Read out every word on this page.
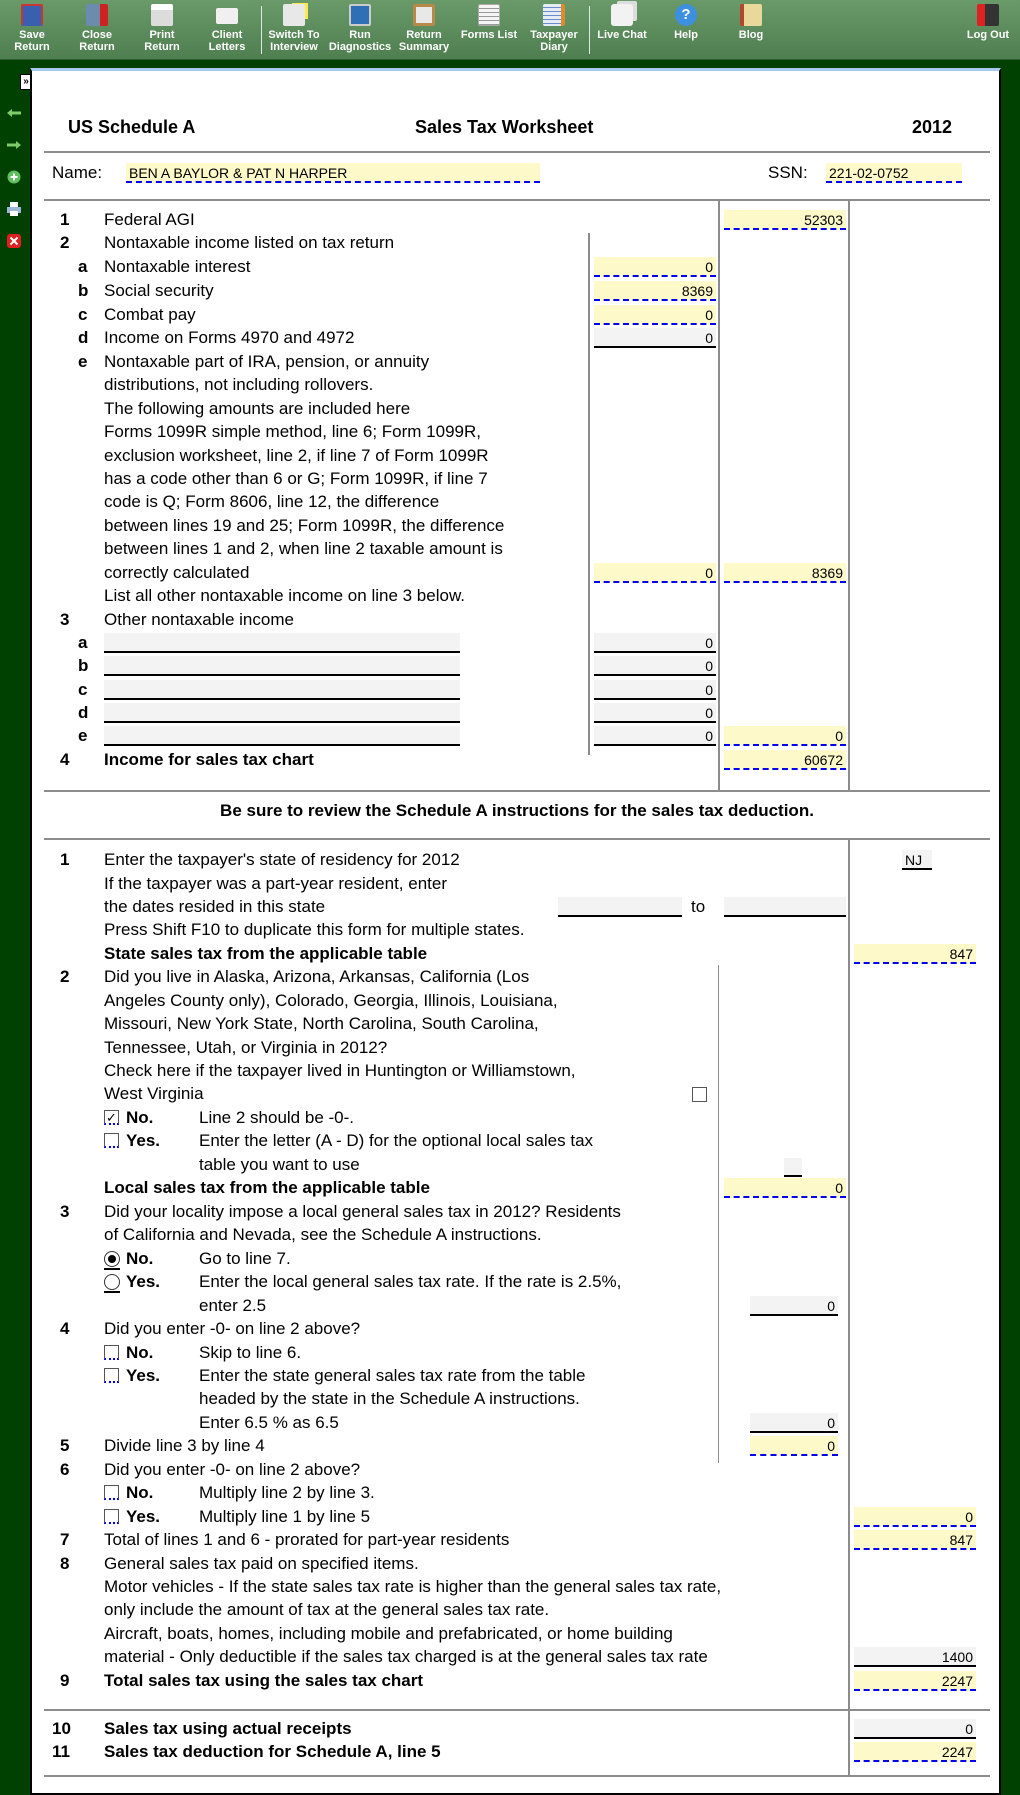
Save
Return
Close
Return
Print
Return
Client
Letters
Switch To
Interview
Run
Diagnostics
Return
Summary
Forms List	Taxpayer
Diary
Live Chat
?
Help	Blog	Log Out
»
US Schedule A	Sales Tax Worksheet	2012
Name: BEN A BAYLOR & PAT N HARPER	SSN: 221-02-0752
1 Federal AGI	52303
2 Nontaxable income listed on tax return
a Nontaxable interest	0
b Social security	8369
c Combat pay	0
d Income on Forms 4970 and 4972	0
e Nontaxable part of IRA, pension, or annuity
distributions, not including rollovers.
The following amounts are included here
Forms 1099R simple method, line 6; Form 1099R,
exclusion worksheet, line 2, if line 7 of Form 1099R
has a code other than 6 or G; Form 1099R, if line 7
code is Q; Form 8606, line 12, the difference
between lines 19 and 25; Form 1099R, the difference
between lines 1 and 2, when line 2 taxable amount is
correctly calculated	0	8369
List all other nontaxable income on line 3 below.
3 Other nontaxable income
a	0
b	0
c	0
d	0
e	0	0
4 Income for sales tax chart	60672
Be sure to review the Schedule A instructions for the sales tax deduction.
1 Enter the taxpayer's state of residency for 2012	NJ
If the taxpayer was a part-year resident, enter
the dates resided in this state	to
Press Shift F10 to duplicate this form for multiple states.
State sales tax from the applicable table	847
2 Did you live in Alaska, Arizona, Arkansas, California (Los
Angeles County only), Colorado, Georgia, Illinois, Louisiana,
Missouri, New York State, North Carolina, South Carolina,
Tennessee, Utah, or Virginia in 2012?
Check here if the taxpayer lived in Huntington or Williamstown,
West Virginia
✓ No.	Line 2 should be -0-.
Yes. Enter the letter (A - D) for the optional local sales tax
table you want to use
Local sales tax from the applicable table	0
3 Did your locality impose a local general sales tax in 2012? Residents
of California and Nevada, see the Schedule A instructions.
No.	Go to line 7.
Yes. Enter the local general sales tax rate. If the rate is 2.5%,
enter 2.5	0
4 Did you enter -0- on line 2 above?
No.	Skip to line 6.
Yes. Enter the state general sales tax rate from the table
headed by the state in the Schedule A instructions.
Enter 6.5 % as 6.5	0
5 Divide line 3 by line 4	0
6 Did you enter -0- on line 2 above?
No.	Multiply line 2 by line 3.
Yes. Multiply line 1 by line 5	0
7 Total of lines 1 and 6 - prorated for part-year residents	847
8 General sales tax paid on specified items.
Motor vehicles - If the state sales tax rate is higher than the general sales tax rate,
only include the amount of tax at the general sales tax rate.
Aircraft, boats, homes, including mobile and prefabricated, or home building
material - Only deductible if the sales tax charged is at the general sales tax rate	1400
9 Total sales tax using the sales tax chart	2247
10 Sales tax using actual receipts	0
11 Sales tax deduction for Schedule A, line 5	2247
